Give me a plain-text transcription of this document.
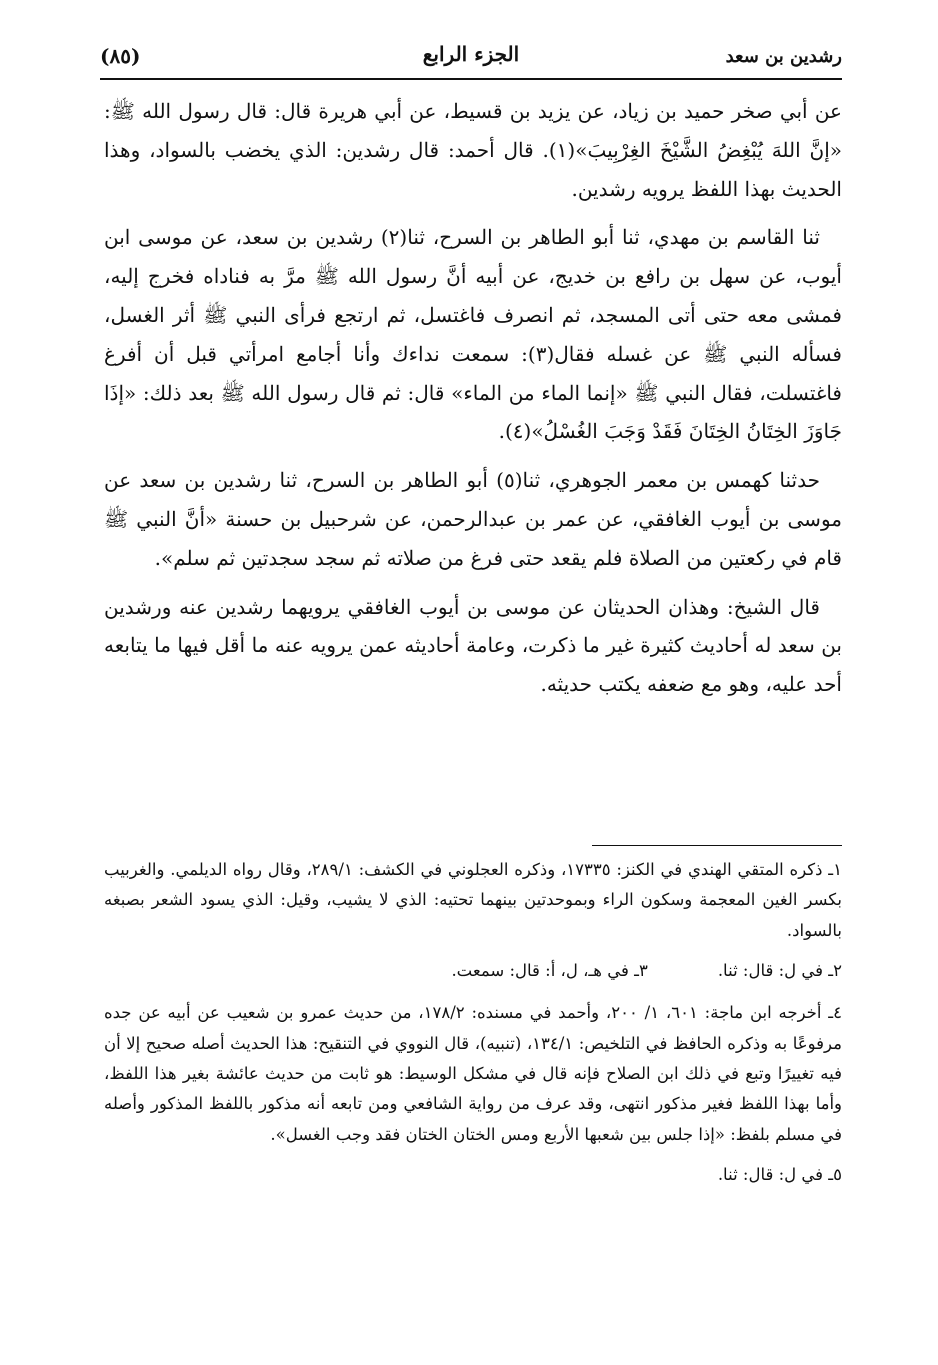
رشدين بن سعد
الجزء الرابع
(٨٥)

عن أبي صخر حميد بن زياد، عن يزيد بن قسيط، عن أبي هريرة قال: قال رسول الله ﷺ: «إنَّ اللهَ يُبْغِضُ الشَّيْخَ الغِرْبِيبَ»(١). قال أحمد: قال رشدين: الذي يخضب بالسواد، وهذا الحديث بهذا اللفظ يرويه رشدين.

ثنا القاسم بن مهدي، ثنا أبو الطاهر بن السرح، ثنا(٢) رشدين بن سعد، عن موسى ابن أيوب، عن سهل بن رافع بن خديج، عن أبيه أنَّ رسول الله ﷺ مرَّ به فناداه فخرج إليه، فمشى معه حتى أتى المسجد، ثم انصرف فاغتسل، ثم ارتجع فرأى النبي ﷺ أثر الغسل، فسأله النبي ﷺ عن غسله فقال(٣): سمعت نداءك وأنا أجامع امرأتي قبل أن أفرغ فاغتسلت، فقال النبي ﷺ «إنما الماء من الماء» قال: ثم قال رسول الله ﷺ بعد ذلك: «إذَا جَاوَزَ الخِتَانُ الخِتَانَ فَقَدْ وَجَبَ الغُسْلُ»(٤).

حدثنا كهمس بن معمر الجوهري، ثنا(٥) أبو الطاهر بن السرح، ثنا رشدين بن سعد عن موسى بن أيوب الغافقي، عن عمر بن عبدالرحمن، عن شرحبيل بن حسنة «أنَّ النبي ﷺ قام في ركعتين من الصلاة فلم يقعد حتى فرغ من صلاته ثم سجد سجدتين ثم سلم».

قال الشيخ: وهذان الحديثان عن موسى بن أيوب الغافقي يرويهما رشدين عنه ورشدين بن سعد له أحاديث كثيرة غير ما ذكرت، وعامة أحاديثه عمن يرويه عنه ما أقل فيها ما يتابعه أحد عليه، وهو مع ضعفه يكتب حديثه.

١ـ ذكره المتقي الهندي في الكنز: ١٧٣٣٥، وذكره العجلوني في الكشف: ٢٨٩/١، وقال رواه الديلمي. والغربيب بكسر الغين المعجمة وسكون الراء وبموحدتين بينهما تحتيه: الذي لا يشيب، وقيل: الذي يسود الشعر بصبغه بالسواد.

٢ـ في ل: قال: ثنا.٣ـ في هـ، ل، أ: قال: سمعت.

٤ـ أخرجه ابن ماجة: ٦٠١، ١/ ٢٠٠، وأحمد في مسنده: ١٧٨/٢، من حديث عمرو بن شعيب عن أبيه عن جده مرفوعًا به وذكره الحافظ في التلخيص: ١٣٤/١، (تنبيه)، قال النووي في التنقيح: هذا الحديث أصله صحيح إلا أن فيه تغييرًا وتبع في ذلك ابن الصلاح فإنه قال في مشكل الوسيط: هو ثابت من حديث عائشة بغير هذا اللفظ، وأما بهذا اللفظ فغير مذكور انتهى، وقد عرف من رواية الشافعي ومن تابعه أنه مذكور باللفظ المذكور وأصله في مسلم بلفظ: «إذا جلس بين شعبها الأربع ومس الختان الختان فقد وجب الغسل».

٥ـ في ل: قال: ثنا.
